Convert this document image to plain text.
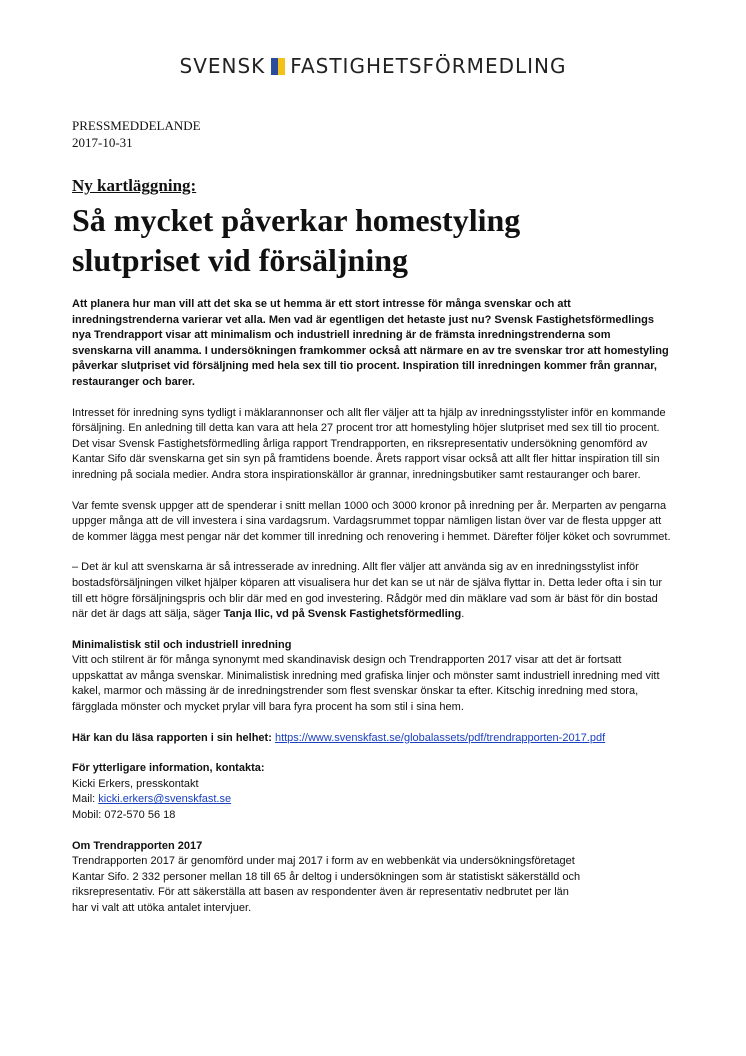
SVENSK FASTIGHETSFÖRMEDLING
PRESSMEDDELANDE
2017-10-31
Ny kartläggning:
Så mycket påverkar homestyling
slutpriset vid försäljning

Att planera hur man vill att det ska se ut hemma är ett stort intresse för många svenskar och att inredningstrenderna varierar vet alla. Men vad är egentligen det hetaste just nu? Svensk Fastighetsförmedlings nya Trendrapport visar att minimalism och industriell inredning är de främsta inredningstrenderna som svenskarna vill anamma. I undersökningen framkommer också att närmare en av tre svenskar tror att homestyling påverkar slutpriset vid försäljning med hela sex till tio procent. Inspiration till inredningen kommer från grannar, restauranger och barer.

Intresset för inredning syns tydligt i mäklarannonser och allt fler väljer att ta hjälp av inredningsstylister inför en kommande försäljning. En anledning till detta kan vara att hela 27 procent tror att homestyling höjer slutpriset med sex till tio procent. Det visar Svensk Fastighetsförmedling årliga rapport Trendrapporten, en riksrepresentativ undersökning genomförd av Kantar Sifo där svenskarna get sin syn på framtidens boende. Årets rapport visar också att allt fler hittar inspiration till sin inredning på sociala medier. Andra stora inspirationskällor är grannar, inredningsbutiker samt restauranger och barer.

Var femte svensk uppger att de spenderar i snitt mellan 1000 och 3000 kronor på inredning per år. Merparten av pengarna uppger många att de vill investera i sina vardagsrum. Vardagsrummet toppar nämligen listan över var de flesta uppger att de kommer lägga mest pengar när det kommer till inredning och renovering i hemmet. Därefter följer köket och sovrummet.

– Det är kul att svenskarna är så intresserade av inredning. Allt fler väljer att använda sig av en inredningsstylist inför bostadsförsäljningen vilket hjälper köparen att visualisera hur det kan se ut när de själva flyttar in. Detta leder ofta i sin tur till ett högre försäljningspris och blir där med en god investering. Rådgör med din mäklare vad som är bäst för din bostad när det är dags att sälja, säger Tanja Ilic, vd på Svensk Fastighetsförmedling.

Minimalistisk stil och industriell inredning

Vitt och stilrent är för många synonymt med skandinavisk design och Trendrapporten 2017 visar att det är fortsatt uppskattat av många svenskar. Minimalistisk inredning med grafiska linjer och mönster samt industriell inredning med vitt kakel, marmor och mässing är de inredningstrender som flest svenskar önskar ta efter. Kitschig inredning med stora, färgglada mönster och mycket prylar vill bara fyra procent ha som stil i sina hem.

Här kan du läsa rapporten i sin helhet: https://www.svenskfast.se/globalassets/pdf/trendrapporten-2017.pdf

För ytterligare information, kontakta:

Kicki Erkers, presskontakt

Mail: kicki.erkers@svenskfast.se

Mobil: 072-570 56 18

Om Trendrapporten 2017

Trendrapporten 2017 är genomförd under maj 2017 i form av en webbenkät via undersökningsföretaget

Kantar Sifo. 2 332 personer mellan 18 till 65 år deltog i undersökningen som är statistiskt säkerställd och

riksrepresentativ. För att säkerställa att basen av respondenter även är representativ nedbrutet per län

har vi valt att utöka antalet intervjuer.
